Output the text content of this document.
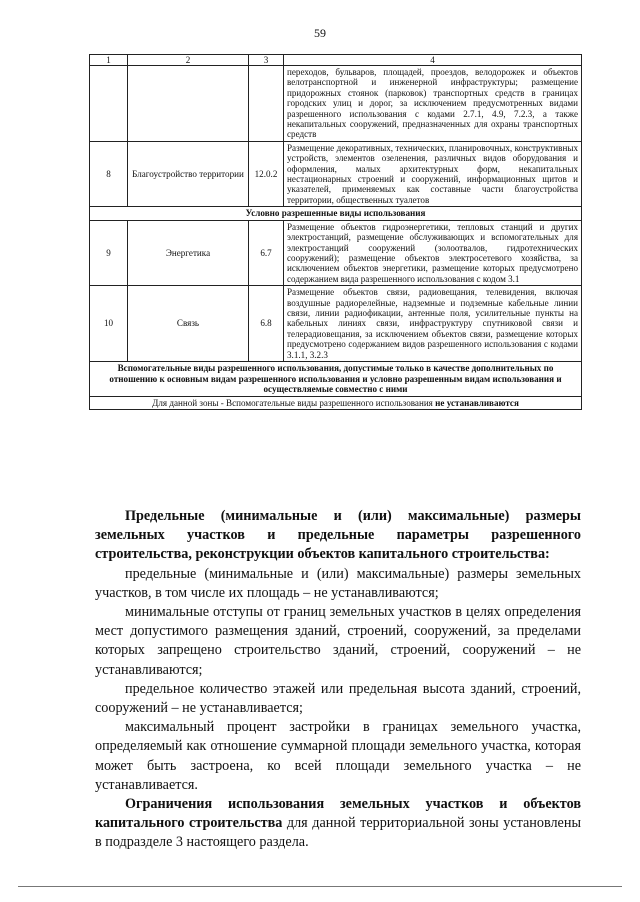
59
1	2	3	4
			переходов, бульваров, площадей, проездов, велодорожек и объектов велотранспортной и инженерной инфраструктуры; размещение придорожных стоянок (парковок) транспортных средств в границах городских улиц и дорог, за исключением предусмотренных видами разрешенного использования с кодами 2.7.1, 4.9, 7.2.3, а также некапитальных сооружений, предназначенных для охраны транспортных средств
8	Благоустройство территории	12.0.2	Размещение декоративных, технических, планировочных, конструктивных устройств, элементов озеленения, различных видов оборудования и оформления, малых архитектурных форм, некапитальных нестационарных строений и сооружений, информационных щитов и указателей, применяемых как составные части благоустройства территории, общественных туалетов
Условно разрешенные виды использования			
9	Энергетика	6.7	Размещение объектов гидроэнергетики, тепловых станций и других электростанций, размещение обслуживающих и вспомогательных для электростанций сооружений (золоотвалов, гидротехнических сооружений); размещение объектов электросетевого хозяйства, за исключением объектов энергетики, размещение которых предусмотрено содержанием вида разрешенного использования с кодом 3.1
10	Связь	6.8	Размещение объектов связи, радиовещания, телевидения, включая воздушные радиорелейные, надземные и подземные кабельные линии связи, линии радиофикации, антенные поля, усилительные пункты на кабельных линиях связи, инфраструктуру спутниковой связи и телерадиовещания, за исключением объектов связи, размещение которых предусмотрено содержанием видов разрешенного использования с кодами 3.1.1, 3.2.3
Вспомогательные виды разрешенного использования, допустимые только в качестве дополнительных по отношению к основным видам разрешенного использования и условно разрешенным видам использования и осуществляемые совместно с ними			
Для данной зоны - Вспомогательные виды разрешенного использования не устанавливаются			

Предельные (минимальные и (или) максимальные) размеры земельных участков и предельные параметры разрешенного строительства, реконструкции объектов капитального строительства:

предельные (минимальные и (или) максимальные) размеры земельных участков, в том числе их площадь – не устанавливаются;

минимальные отступы от границ земельных участков в целях определения мест допустимого размещения зданий, строений, сооружений, за пределами которых запрещено строительство зданий, строений, сооружений – не устанавливаются;

предельное количество этажей или предельная высота зданий, строений, сооружений – не устанавливается;

максимальный процент застройки в границах земельного участка, определяемый как отношение суммарной площади земельного участка, которая может быть застроена, ко всей площади земельного участка – не устанавливается.

Ограничения использования земельных участков и объектов капитального строительства для данной территориальной зоны установлены в подразделе 3 настоящего раздела.
